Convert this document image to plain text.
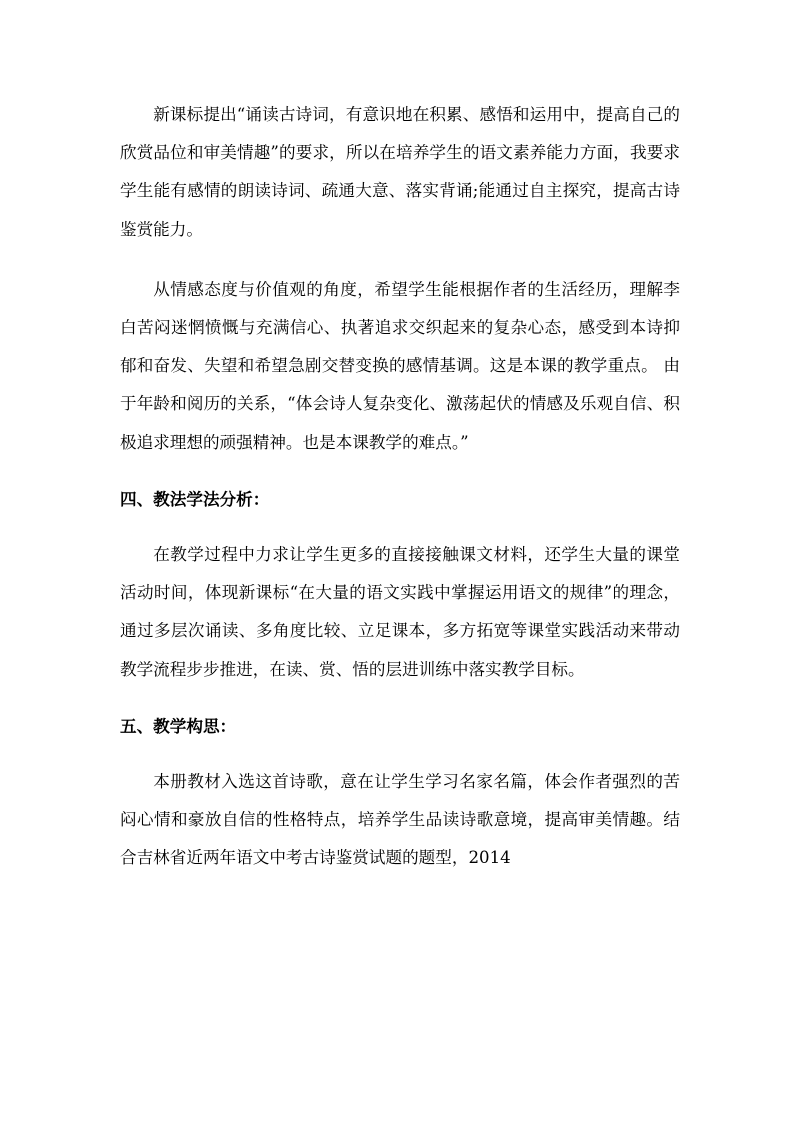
新课标提出“诵读古诗词，有意识地在积累、感悟和运用中，提高自己的欣赏品位和审美情趣”的要求，所以在培养学生的语文素养能力方面，我要求学生能有感情的朗读诗词、疏通大意、落实背诵;能通过自主探究，提高古诗鉴赏能力。

从情感态度与价值观的角度，希望学生能根据作者的生活经历，理解李白苦闷迷惘愤慨与充满信心、执著追求交织起来的复杂心态，感受到本诗抑郁和奋发、失望和希望急剧交替变换的感情基调。这是本课的教学重点。 由于年龄和阅历的关系，“体会诗人复杂变化、激荡起伏的情感及乐观自信、积极追求理想的顽强精神。也是本课教学的难点。”

四、教法学法分析：

在教学过程中力求让学生更多的直接接触课文材料，还学生大量的课堂活动时间，体现新课标“在大量的语文实践中掌握运用语文的规律”的理念，通过多层次诵读、多角度比较、立足课本，多方拓宽等课堂实践活动来带动教学流程步步推进，在读、赏、悟的层进训练中落实教学目标。

五、教学构思：

本册教材入选这首诗歌，意在让学生学习名家名篇，体会作者强烈的苦闷心情和豪放自信的性格特点，培养学生品读诗歌意境，提高审美情趣。结合吉林省近两年语文中考古诗鉴赏试题的题型，2014
